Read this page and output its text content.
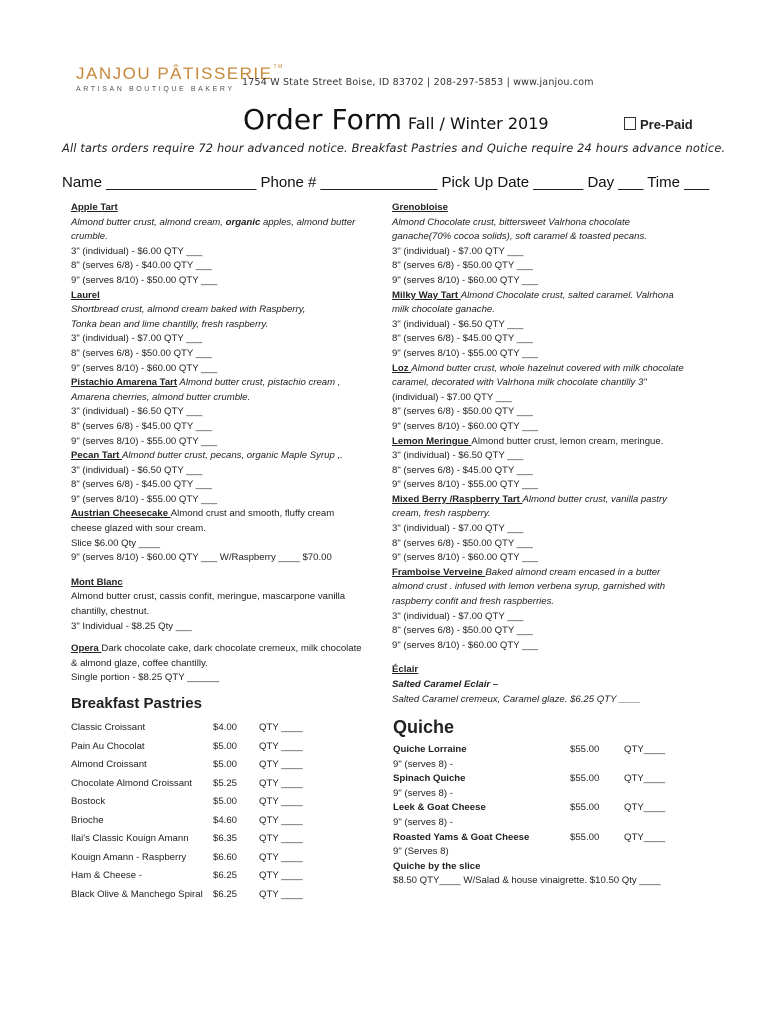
JANJOU PÂTISSERIE™
ARTISAN BOUTIQUE BAKERY
1754 W State Street Boise, ID 83702 | 208-297-5853 | www.janjou.com
Order Form Fall / Winter 2019	Pre-Paid
All tarts orders require 72 hour advanced notice. Breakfast Pastries and Quiche require 24 hours advance notice.
Name __________________ Phone # ______________ Pick Up Date ______ Day ___ Time ___
Apple Tart
Almond butter crust, almond cream, organic apples, almond butter
crumble.
3" (individual) - $6.00 QTY ___
8" (serves 6/8) - $40.00 QTY ___
9" (serves 8/10) - $50.00 QTY ___
Laurel
Shortbread crust, almond cream baked with Raspberry,
Tonka bean and lime chantilly, fresh raspberry.
3" (individual) - $7.00 QTY ___
8" (serves 6/8) - $50.00 QTY ___
9" (serves 8/10) - $60.00 QTY ___
Pistachio Amarena Tart Almond butter crust, pistachio cream ,
Amarena cherries, almond butter crumble.
3" (individual) - $6.50 QTY ___
8" (serves 6/8) - $45.00 QTY ___
9" (serves 8/10) - $55.00 QTY ___
Pecan Tart Almond butter crust, pecans, organic Maple Syrup ,.
3" (individual) - $6.50 QTY ___
8" (serves 6/8) - $45.00 QTY ___
9" (serves 8/10) - $55.00 QTY ___
Austrian Cheesecake Almond crust and smooth, fluffy cream
cheese glazed with sour cream.
Slice $6.00 Qty ____
9" (serves 8/10) - $60.00 QTY ___ W/Raspberry ____ $70.00
Mont Blanc
Almond butter crust, cassis confit, meringue, mascarpone vanilla
chantilly, chestnut.
3" Individual - $8.25 Qty ___
Opera Dark chocolate cake, dark chocolate cremeux, milk chocolate
& almond glaze, coffee chantilly.
Single portion - $8.25 QTY ______
Grenobloise
Almond Chocolate crust, bittersweet Valrhona chocolate
ganache(70% cocoa solids), soft caramel & toasted pecans.
3" (individual) - $7.00 QTY ___
8" (serves 6/8) - $50.00 QTY ___
9" (serves 8/10) - $60.00 QTY ___
Milky Way Tart Almond Chocolate crust, salted caramel. Valrhona
milk chocolate ganache.
3" (individual) - $6.50 QTY ___
8" (serves 6/8) - $45.00 QTY ___
9" (serves 8/10) - $55.00 QTY ___
Loz Almond butter crust, whole hazelnut covered with milk chocolate
caramel, decorated with Valrhona milk chocolate chantilly 3"
(individual) - $7.00 QTY ___
8" (serves 6/8) - $50.00 QTY ___
9" (serves 8/10) - $60.00 QTY ___
Lemon Meringue Almond butter crust, lemon cream, meringue.
3" (individual) - $6.50 QTY ___
8" (serves 6/8) - $45.00 QTY ___
9" (serves 8/10) - $55.00 QTY ___
Mixed Berry /Raspberry Tart Almond butter crust, vanilla pastry
cream, fresh raspberry.
3" (individual) - $7.00 QTY ___
8" (serves 6/8) - $50.00 QTY ___
9" (serves 8/10) - $60.00 QTY ___
Framboise Verveine Baked almond cream encased in a butter
almond crust . infused with lemon verbena syrup, garnished with
raspberry confit and fresh raspberries.
3" (individual) - $7.00 QTY ___
8" (serves 6/8) - $50.00 QTY ___
9" (serves 8/10) - $60.00 QTY ___
Éclair
Salted Caramel Eclair –
Salted Caramel cremeux, Caramel glaze. $6.25 QTY ____
Breakfast Pastries
Classic Croissant	$4.00 QTY ____
Pain Au Chocolat	$5.00 QTY ____
Almond Croissant	$5.00 QTY ____
Chocolate Almond Croissant $5.25 QTY ____
Bostock	$5.00 QTY ____
Brioche	$4.60 QTY ____
Ilai's Classic Kouign Amann	$6.35 QTY ____
Kouign Amann - Raspberry	$6.60 QTY ____
Ham & Cheese -	$6.25 QTY ____
Black Olive & Manchego Spiral $6.25 QTY ____
Quiche
Quiche Lorraine	$55.00	QTY____
9" (serves 8) -
Spinach Quiche	$55.00	QTY____
9" (serves 8) -
Leek & Goat Cheese	$55.00	QTY____
9" (serves 8) -
Roasted Yams & Goat Cheese	$55.00	QTY____
9" (Serves 8)
Quiche by the slice
$8.50 QTY____ W/Salad & house vinaigrette. $10.50 Qty ____
